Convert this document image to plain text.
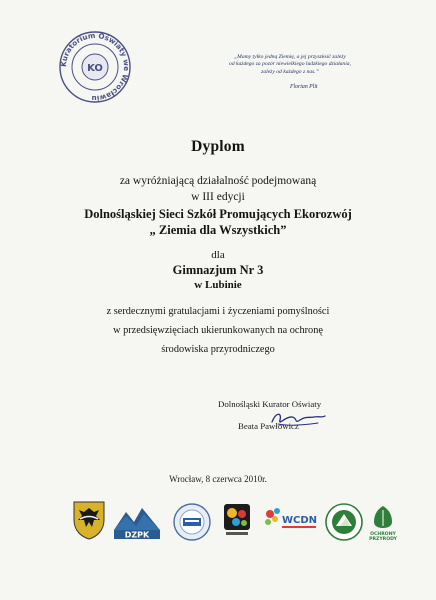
Kuratorium Oświaty we Wrocławiu
KO
„Mamy tylko jedną Ziemię, a jej przyszłość zależy
od każdego za pozór niewielkiego ludzkiego działania,
zależy od każdego z nas.”
Florian Plit
Dyplom
za wyróżniającą działalność podejmowaną
w III edycji
Dolnośląskiej Sieci Szkół Promujących Ekorozwój
„ Ziemia dla Wszystkich”
dla
Gimnazjum Nr 3
w Lubinie
z serdecznymi gratulacjami i życzeniami pomyślności
w przedsięwzięciach ukierunkowanych na ochronę
środowiska przyrodniczego
Dolnośląski Kurator Oświaty
Beata Pawłowicz
Wrocław, 8 czerwca 2010r.
DZPK
WCDN
OCHRONY
PRZYRODY
